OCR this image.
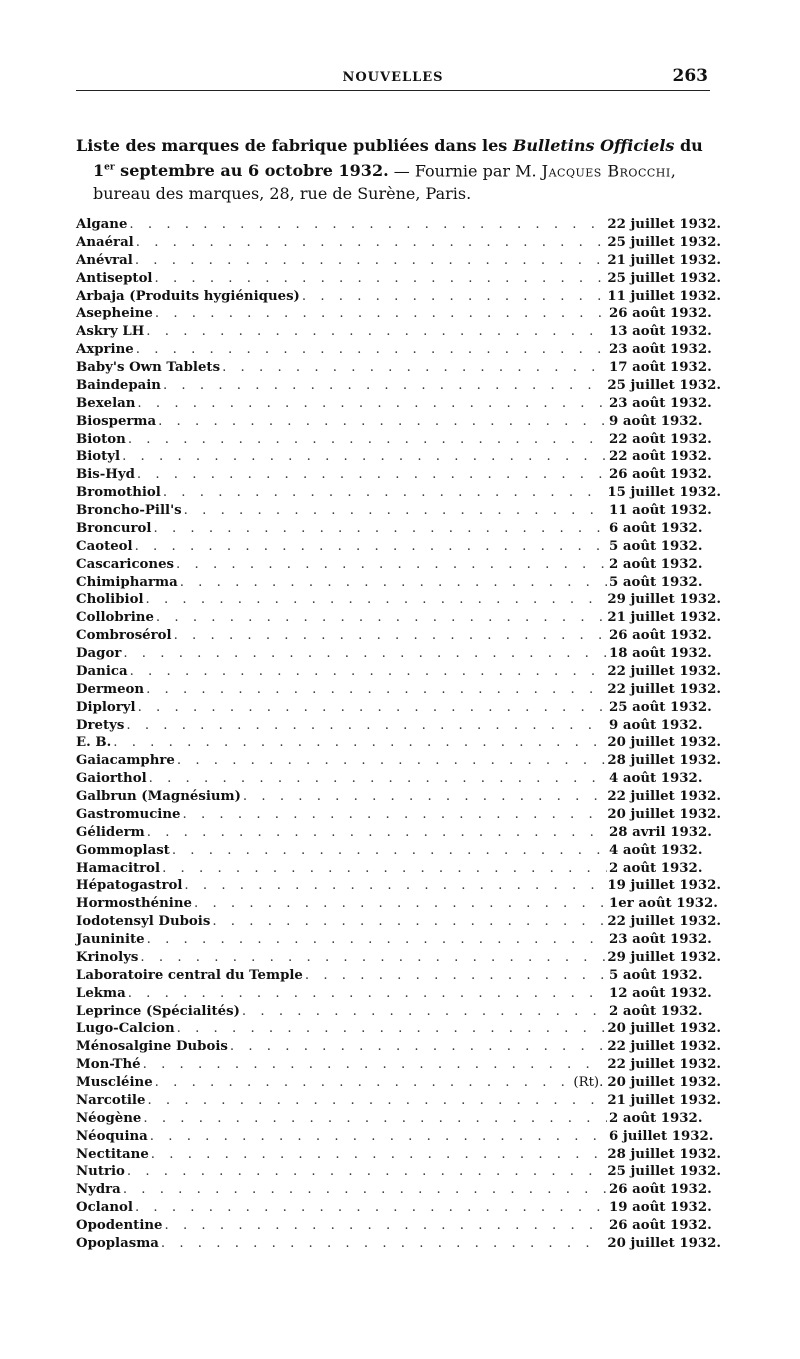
NOUVELLES	263
Liste des marques de fabrique publiées dans les Bulletins Officiels du
1er septembre au 6 octobre 1932. — Fournie par M. Jacques Brocchi,
bureau des marques, 28, rue de Surène, Paris.
Algane . . .	22 juillet 1932.
Anaéral . . .	25 juillet 1932.
Anévral . . .	21 juillet 1932.
Antiseptol . . .	25 juillet 1932.
Arbaja (Produits hygiéniques) . . .	11 juillet 1932.
Asepheine . . .	26 août 1932.
Askry LH . . .	13 août 1932.
Axprine . . .	23 août 1932.
Baby's Own Tablets . . .	17 août 1932.
Baindepain . . .	25 juillet 1932.
Bexelan . . .	23 août 1932.
Biosperma . . .	9 août 1932.
Bioton . . .	22 août 1932.
Biotyl . . .	22 août 1932.
Bis-Hyd . . .	26 août 1932.
Bromothiol . . .	15 juillet 1932.
Broncho-Pill's . . .	11 août 1932.
Broncurol . . .	6 août 1932.
Caoteol . . .	5 août 1932.
Cascaricones . . .	2 août 1932.
Chimipharma . . .	5 août 1932.
Cholibiol . . .	29 juillet 1932.
Collobrine . . .	21 juillet 1932.
Combrosérol . . .	26 août 1932.
Dagor . . .	18 août 1932.
Danica . . .	22 juillet 1932.
Dermeon . . .	22 juillet 1932.
Diploryl . . .	25 août 1932.
Dretys . . .	9 août 1932.
E. B. . . .	20 juillet 1932.
Gaiacamphre . . .	28 juillet 1932.
Gaiorthol . . .	4 août 1932.
Galbrun (Magnésium) . . .	22 juillet 1932.
Gastromucine . . .	20 juillet 1932.
Géliderm . . .	28 avril 1932.
Gommoplast . . .	4 août 1932.
Hamacitrol . . .	2 août 1932.
Hépatogastrol . . .	19 juillet 1932.
Hormosthénine . . .	1er août 1932.
Iodotensyl Dubois . . .	22 juillet 1932.
Jauninite . . .	23 août 1932.
Krinolys . . .	29 juillet 1932.
Laboratoire central du Temple . . .	5 août 1932.
Lekma . . .	12 août 1932.
Leprince (Spécialités) . . .	2 août 1932.
Lugo-Calcion . . .	20 juillet 1932.
Ménosalgine Dubois . . .	22 juillet 1932.
Mon-Thé . . .	22 juillet 1932.
Muscléine . . .	(Rt). 20 juillet 1932.
Narcotile . . .	21 juillet 1932.
Néogène . . .	2 août 1932.
Néoquina . . .	6 juillet 1932.
Nectitane . . .	28 juillet 1932.
Nutrio . . .	25 juillet 1932.
Nydra . . .	26 août 1932.
Oclanol . . .	19 août 1932.
Opodentine . . .	26 août 1932.
Opoplasma . . .	20 juillet 1932.
